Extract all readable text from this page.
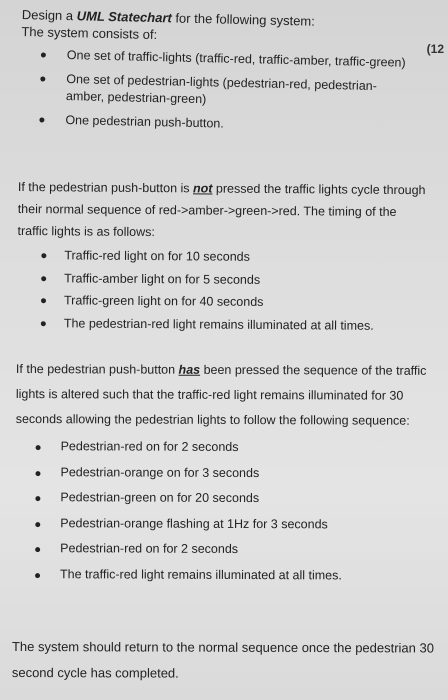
Design a UML Statechart for the following system:
The system consists of:
One set of traffic-lights (traffic-red, traffic-amber, traffic-green)
One set of pedestrian-lights (pedestrian-red, pedestrian-amber, pedestrian-green)
One pedestrian push-button.
(12

If the pedestrian push-button is not pressed the traffic lights cycle through their normal sequence of red->amber->green->red. The timing of the traffic lights is as follows:

Traffic-red light on for 10 seconds
Traffic-amber light on for 5 seconds
Traffic-green light on for 40 seconds
The pedestrian-red light remains illuminated at all times.

If the pedestrian push-button has been pressed the sequence of the traffic lights is altered such that the traffic-red light remains illuminated for 30 seconds allowing the pedestrian lights to follow the following sequence:

Pedestrian-red on for 2 seconds
Pedestrian-orange on for 3 seconds
Pedestrian-green on for 20 seconds
Pedestrian-orange flashing at 1Hz for 3 seconds
Pedestrian-red on for 2 seconds
The traffic-red light remains illuminated at all times.
The system should return to the normal sequence once the pedestrian 30 second cycle has completed.
